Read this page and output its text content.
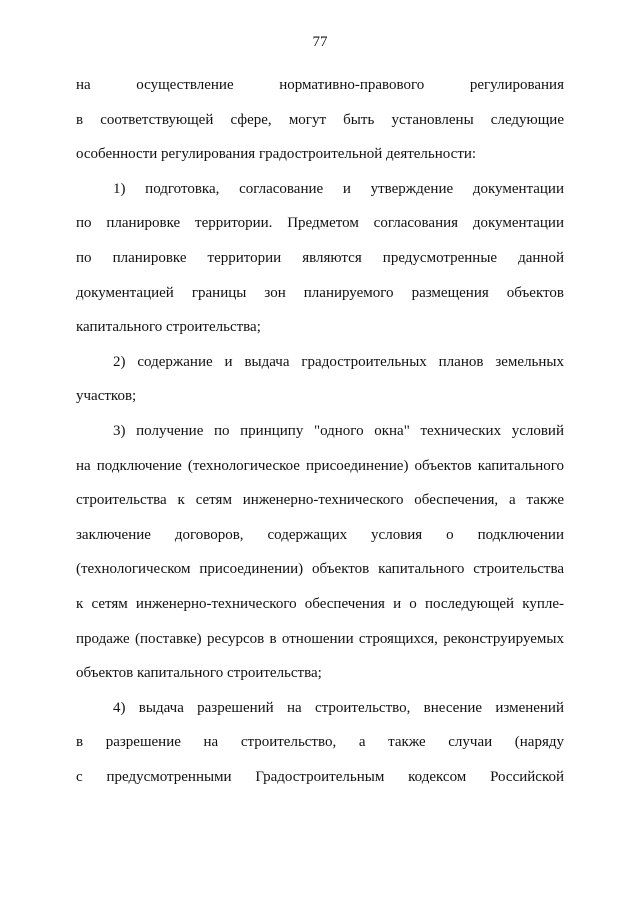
77
на осуществление нормативно-правового регулирования
в соответствующей сфере, могут быть установлены следующие
особенности регулирования градостроительной деятельности:
1) подготовка, согласование и утверждение документации
по планировке территории. Предметом согласования документации
по планировке территории являются предусмотренные данной
документацией границы зон планируемого размещения объектов
капитального строительства;
2) содержание и выдача градостроительных планов земельных
участков;
3) получение по принципу "одного окна" технических условий
на подключение (технологическое присоединение) объектов капитального
строительства к сетям инженерно-технического обеспечения, а также
заключение договоров, содержащих условия о подключении
(технологическом присоединении) объектов капитального строительства
к сетям инженерно-технического обеспечения и о последующей купле-
продаже (поставке) ресурсов в отношении строящихся, реконструируемых
объектов капитального строительства;
4) выдача разрешений на строительство, внесение изменений
в разрешение на строительство, а также случаи (наряду
с предусмотренными Градостроительным кодексом Российской
